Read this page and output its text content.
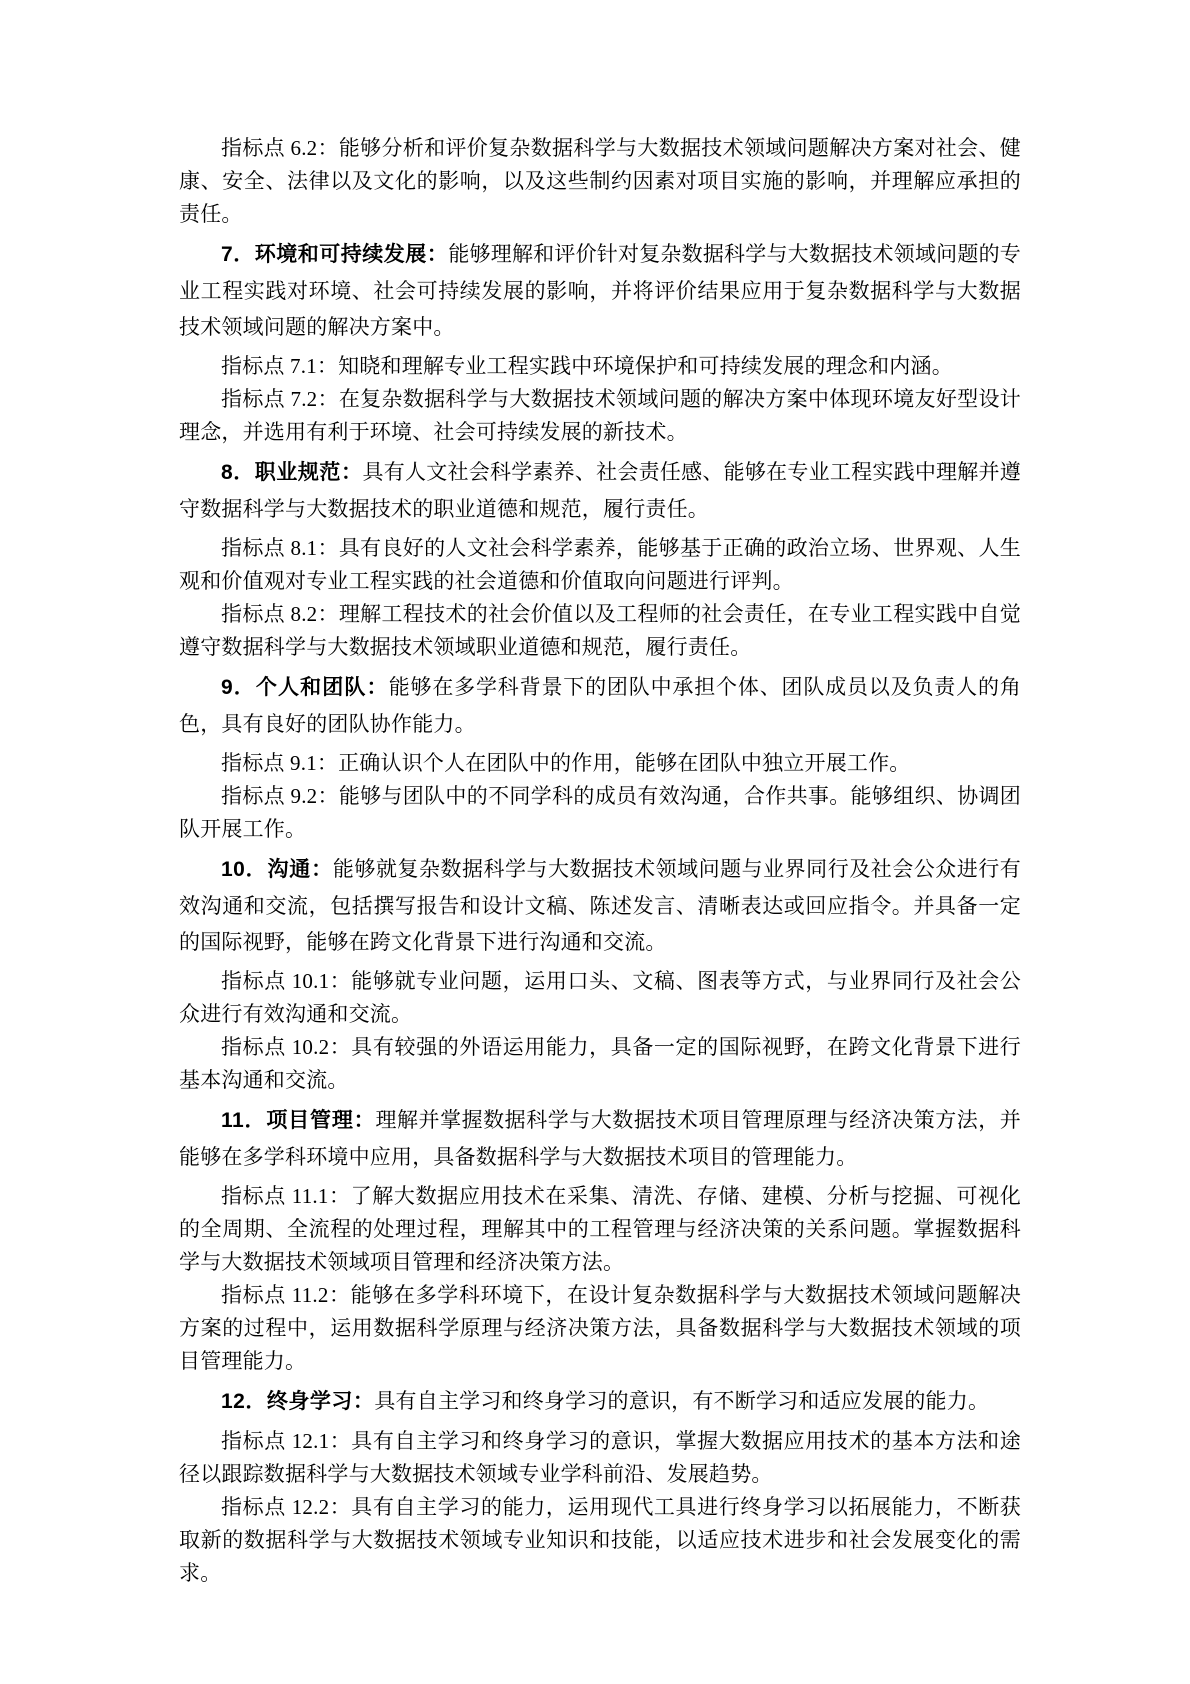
指标点 6.2：能够分析和评价复杂数据科学与大数据技术领域问题解决方案对社会、健康、安全、法律以及文化的影响，以及这些制约因素对项目实施的影响，并理解应承担的责任。

7．环境和可持续发展：能够理解和评价针对复杂数据科学与大数据技术领域问题的专业工程实践对环境、社会可持续发展的影响，并将评价结果应用于复杂数据科学与大数据技术领域问题的解决方案中。

指标点 7.1：知晓和理解专业工程实践中环境保护和可持续发展的理念和内涵。

指标点 7.2：在复杂数据科学与大数据技术领域问题的解决方案中体现环境友好型设计理念，并选用有利于环境、社会可持续发展的新技术。

8．职业规范：具有人文社会科学素养、社会责任感、能够在专业工程实践中理解并遵守数据科学与大数据技术的职业道德和规范，履行责任。

指标点 8.1：具有良好的人文社会科学素养，能够基于正确的政治立场、世界观、人生观和价值观对专业工程实践的社会道德和价值取向问题进行评判。

指标点 8.2：理解工程技术的社会价值以及工程师的社会责任，在专业工程实践中自觉遵守数据科学与大数据技术领域职业道德和规范，履行责任。

9．个人和团队：能够在多学科背景下的团队中承担个体、团队成员以及负责人的角色，具有良好的团队协作能力。

指标点 9.1：正确认识个人在团队中的作用，能够在团队中独立开展工作。

指标点 9.2：能够与团队中的不同学科的成员有效沟通，合作共事。能够组织、协调团队开展工作。

10．沟通：能够就复杂数据科学与大数据技术领域问题与业界同行及社会公众进行有效沟通和交流，包括撰写报告和设计文稿、陈述发言、清晰表达或回应指令。并具备一定的国际视野，能够在跨文化背景下进行沟通和交流。

指标点 10.1：能够就专业问题，运用口头、文稿、图表等方式，与业界同行及社会公众进行有效沟通和交流。

指标点 10.2：具有较强的外语运用能力，具备一定的国际视野，在跨文化背景下进行基本沟通和交流。

11．项目管理：理解并掌握数据科学与大数据技术项目管理原理与经济决策方法，并能够在多学科环境中应用，具备数据科学与大数据技术项目的管理能力。

指标点 11.1：了解大数据应用技术在采集、清洗、存储、建模、分析与挖掘、可视化的全周期、全流程的处理过程，理解其中的工程管理与经济决策的关系问题。掌握数据科学与大数据技术领域项目管理和经济决策方法。

指标点 11.2：能够在多学科环境下，在设计复杂数据科学与大数据技术领域问题解决方案的过程中，运用数据科学原理与经济决策方法，具备数据科学与大数据技术领域的项目管理能力。

12．终身学习：具有自主学习和终身学习的意识，有不断学习和适应发展的能力。

指标点 12.1：具有自主学习和终身学习的意识，掌握大数据应用技术的基本方法和途径以跟踪数据科学与大数据技术领域专业学科前沿、发展趋势。

指标点 12.2：具有自主学习的能力，运用现代工具进行终身学习以拓展能力，不断获取新的数据科学与大数据技术领域专业知识和技能，以适应技术进步和社会发展变化的需求。
